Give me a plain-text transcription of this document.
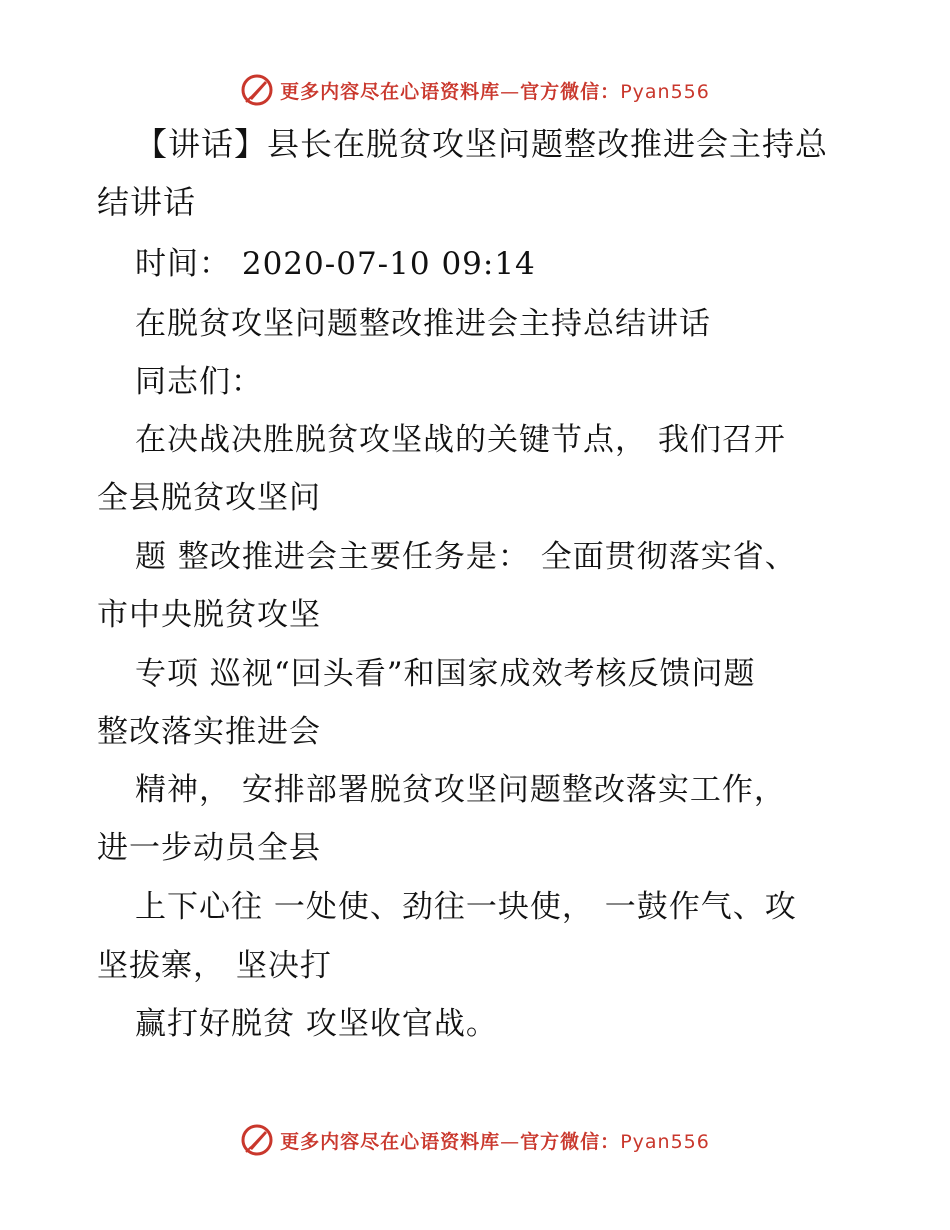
更多内容尽在心语资料库—官方微信：Pyan556
【讲话】县长在脱贫攻坚问题整改推进会主持总
结讲话
时间： 2020-07-10 09:14
在脱贫攻坚问题整改推进会主持总结讲话
同志们：
在决战决胜脱贫攻坚战的关键节点， 我们召开
全县脱贫攻坚问
题 整改推进会主要任务是： 全面贯彻落实省、
市中央脱贫攻坚
专项 巡视“回头看”和国家成效考核反馈问题
整改落实推进会
精神， 安排部署脱贫攻坚问题整改落实工作，
进一步动员全县
上下心往 一处使、劲往一块使， 一鼓作气、攻
坚拔寨， 坚决打
赢打好脱贫 攻坚收官战。
更多内容尽在心语资料库—官方微信：Pyan556
